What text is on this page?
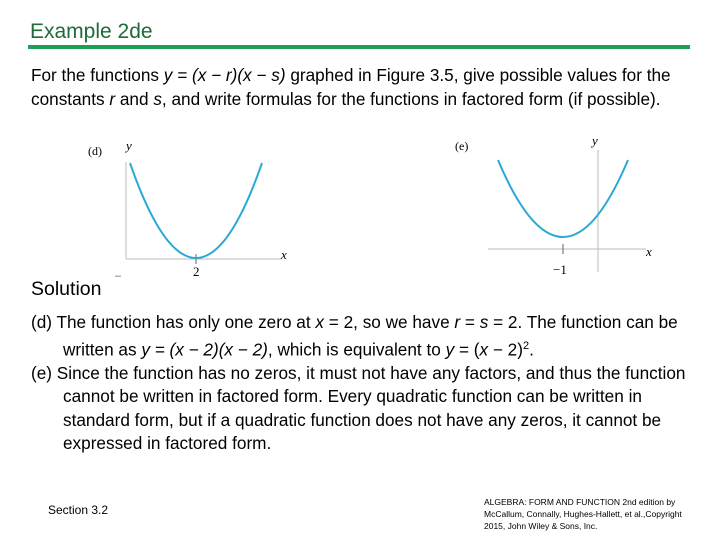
Example 2de

For the functions y = (x − r)(x − s) graphed in Figure 3.5, give possible values for the constants r and s, and write formulas for the functions in factored form (if possible).

(d) y
x
2
(e)	y
x
−1
Solution
–

(d) The function has only one zero at x = 2, so we have r = s = 2. The function can be written as y = (x − 2)(x − 2), which is equivalent to $y = (x - 2)^2$.

(e) Since the function has no zeros, it must not have any factors, and thus the function cannot be written in factored form. Every quadratic function can be written in standard form, but if a quadratic function does not have any zeros, it cannot be expressed in factored form.

Section 3.2
ALGEBRA: FORM AND FUNCTION 2nd edition by McCallum, Connally, Hughes-Hallett, et al.,Copyright 2015, John Wiley & Sons, Inc.
